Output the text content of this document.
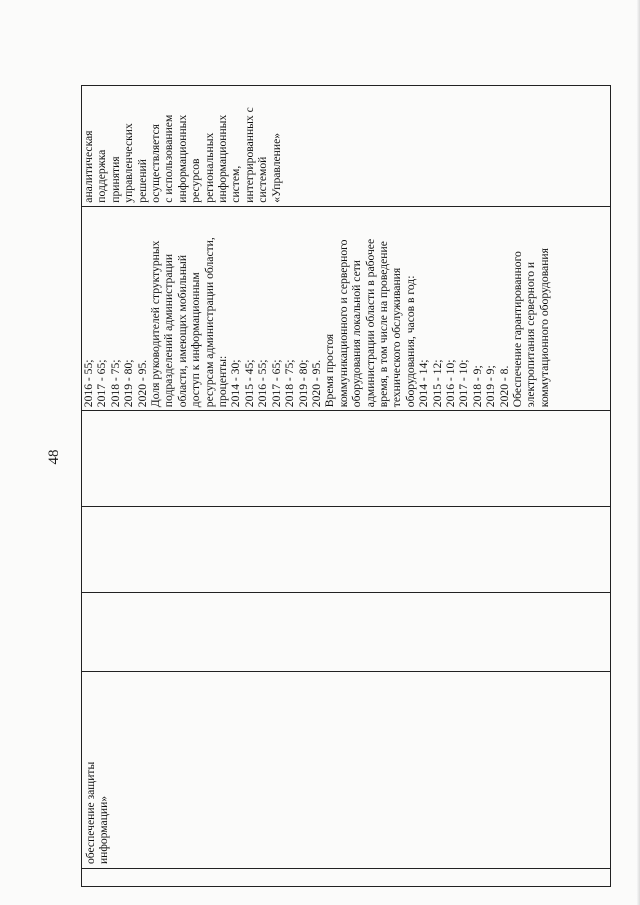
48

обеспечение защиты
информации»

2016 - 55;
2017 - 65;
2018 - 75;
2019 - 80;
2020 - 95.
Доля руководителей структурных
подразделений администрации
области, имеющих мобильный
доступ к информационным
ресурсам администрации области,
проценты:
2014 - 30;
2015 - 45;
2016 - 55;
2017 - 65;
2018 - 75;
2019 - 80;
2020 - 95.
Время простоя
коммуникационного и серверного
оборудования локальной сети
администрации области в рабочее
время, в том числе на проведение
технического обслуживания
оборудования, часов в год:
2014 - 14;
2015 - 12;
2016 - 10;
2017 - 10;
2018 - 9;
2019 - 9;
2020 - 8.
Обеспечение гарантированного
электропитания серверного и
коммутационного оборудования

аналитическая поддержка
принятия управленческих
решений осуществляется
с использованием
информационных
ресурсов региональных
информационных систем,
интегрированных с
системой «Управление»
